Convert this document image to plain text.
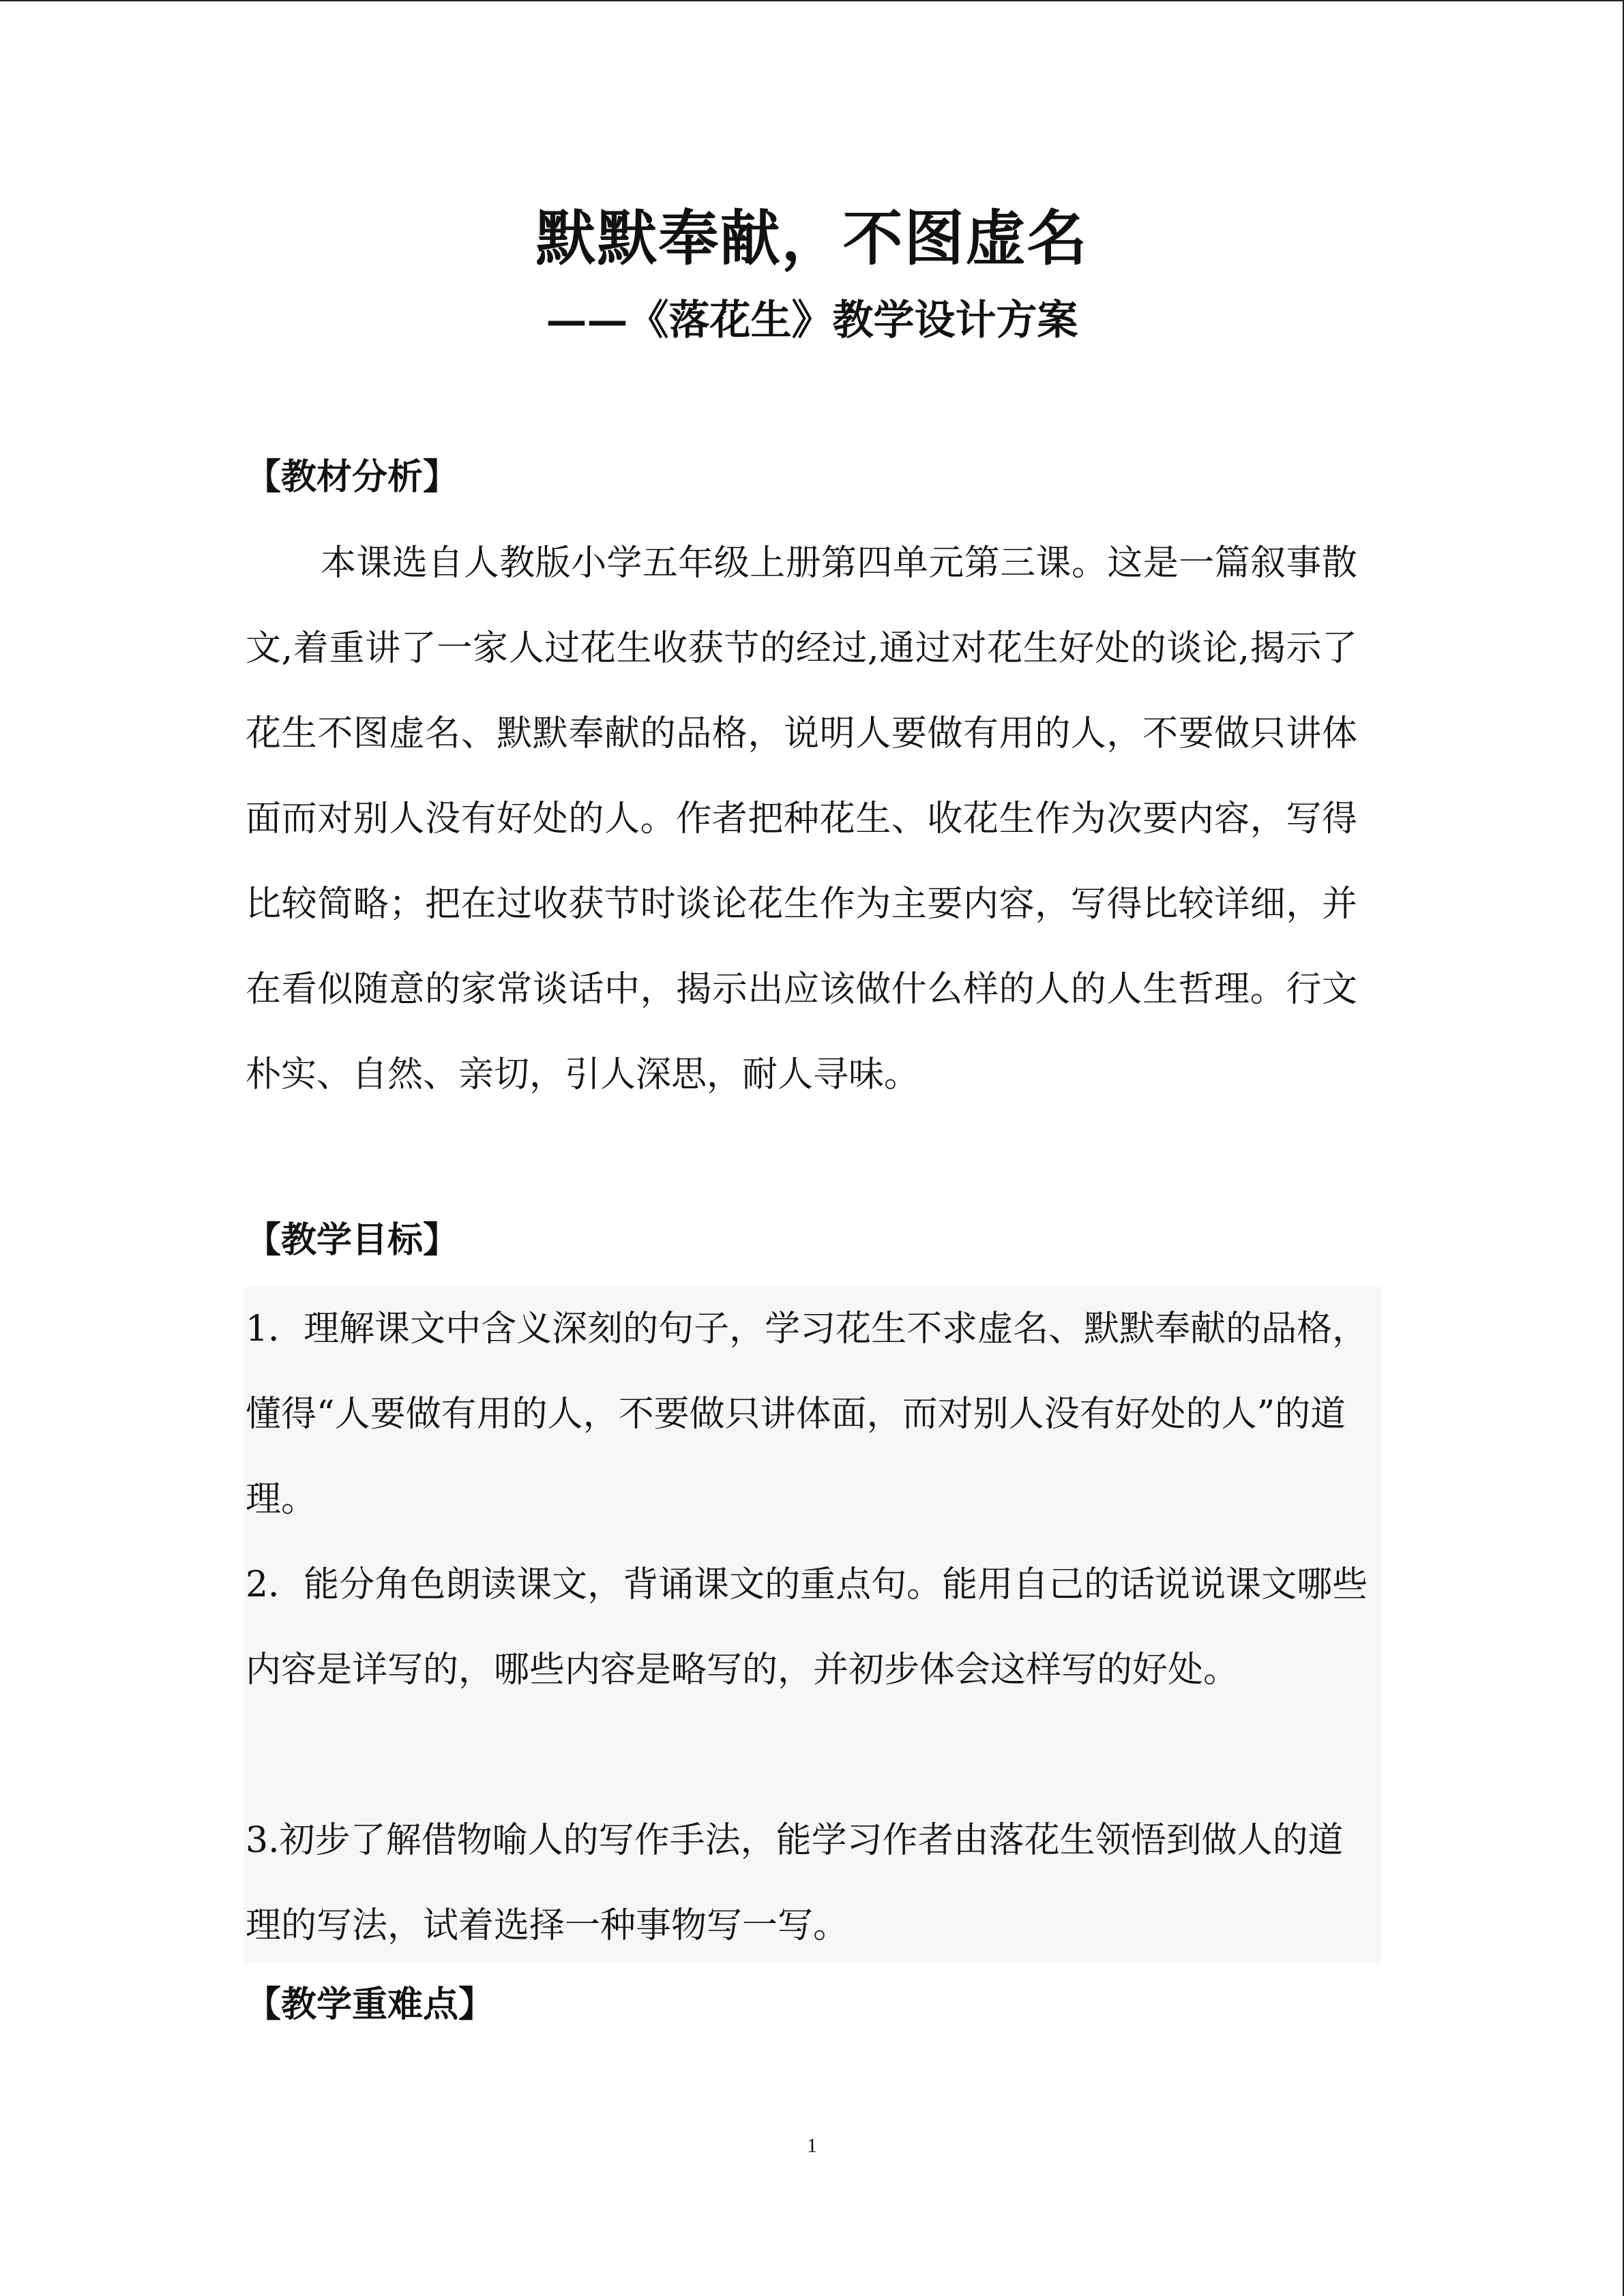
默默奉献，不图虚名
——《落花生》教学设计方案
【教材分析】

本课选自人教版小学五年级上册第四单元第三课。这是一篇叙事散文,着重讲了一家人过花生收获节的经过,通过对花生好处的谈论,揭示了花生不图虚名、默默奉献的品格，说明人要做有用的人，不要做只讲体面而对别人没有好处的人。作者把种花生、收花生作为次要内容，写得比较简略；把在过收获节时谈论花生作为主要内容，写得比较详细，并在看似随意的家常谈话中，揭示出应该做什么样的人的人生哲理。行文朴实、自然、亲切，引人深思，耐人寻味。

【教学目标】

1．理解课文中含义深刻的句子，学习花生不求虚名、默默奉献的品格，懂得“人要做有用的人，不要做只讲体面，而对别人没有好处的人”的道理。

2．能分角色朗读课文，背诵课文的重点句。能用自己的话说说课文哪些内容是详写的，哪些内容是略写的，并初步体会这样写的好处。

3.初步了解借物喻人的写作手法，能学习作者由落花生领悟到做人的道理的写法，试着选择一种事物写一写。

【教学重难点】
1
